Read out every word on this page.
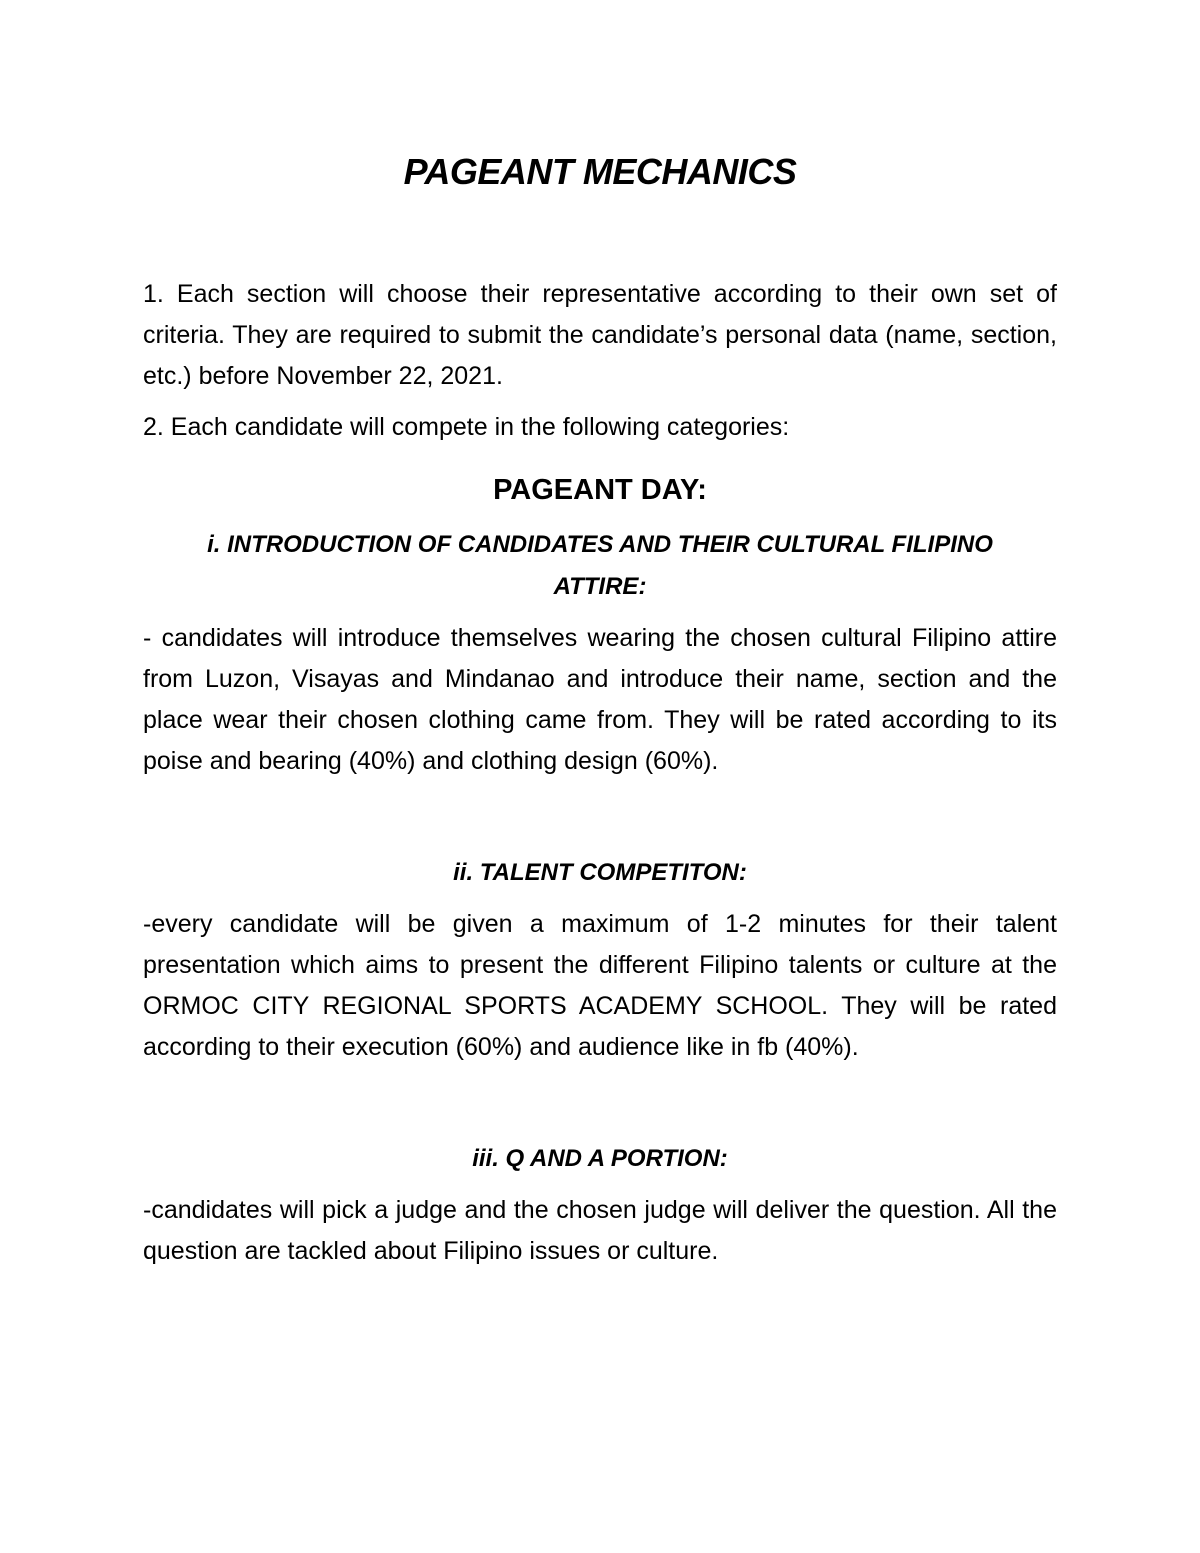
PAGEANT MECHANICS

1. Each section will choose their representative according to their own set of criteria. They are required to submit the candidate’s personal data (name, section, etc.) before November 22, 2021.

2. Each candidate will compete in the following categories:

PAGEANT DAY:
i. INTRODUCTION OF CANDIDATES AND THEIR CULTURAL FILIPINO ATTIRE:

- candidates will introduce themselves wearing the chosen cultural Filipino attire from Luzon, Visayas and Mindanao and introduce their name, section and the place wear their chosen clothing came from. They will be rated according to its poise and bearing (40%) and clothing design (60%).

ii. TALENT COMPETITON:

-every candidate will be given a maximum of 1-2 minutes for their talent presentation which aims to present the different Filipino talents or culture at the ORMOC CITY REGIONAL SPORTS ACADEMY SCHOOL. They will be rated according to their execution (60%) and audience like in fb (40%).

iii. Q AND A PORTION:

-candidates will pick a judge and the chosen judge will deliver the question. All the question are tackled about Filipino issues or culture.
